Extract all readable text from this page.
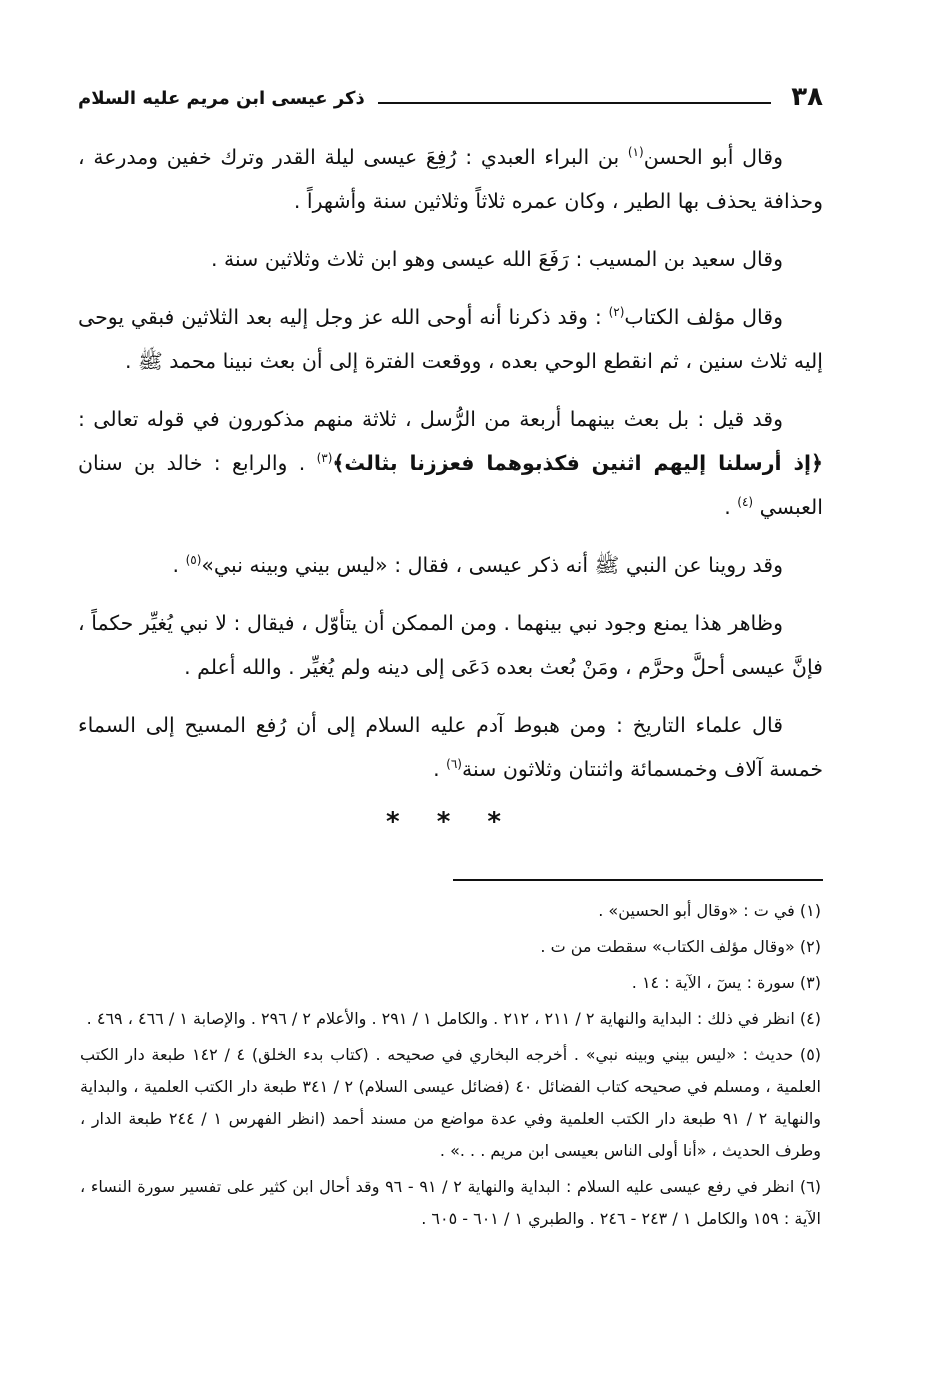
٣٨
ذكر عيسى ابن مريم عليه السلام

وقال أبو الحسن$^{(١)}$ بن البراء العبدي : رُفِعَ عيسى ليلة القدر وترك خفين ومدرعة ، وحذافة يحذف بها الطير ، وكان عمره ثلاثاً وثلاثين سنة وأشهراً .

وقال سعيد بن المسيب : رَفَعَ الله عيسى وهو ابن ثلاث وثلاثين سنة .

وقال مؤلف الكتاب$^{(٢)}$ : وقد ذكرنا أنه أوحى الله عز وجل إليه بعد الثلاثين فبقي يوحى إليه ثلاث سنين ، ثم انقطع الوحي بعده ، ووقعت الفترة إلى أن بعث نبينا محمد ﷺ .

وقد قيل : بل بعث بينهما أربعة من الرُّسل ، ثلاثة منهم مذكورون في قوله تعالى : ﴿إذ أرسلنا إليهم اثنين فكذبوهما فعززنا بثالث﴾$^{(٣)}$ . والرابع : خالد بن سنان العبسي $^{(٤)}$ .

وقد روينا عن النبي ﷺ أنه ذكر عيسى ، فقال : «ليس بيني وبينه نبي»$^{(٥)}$ .

وظاهر هذا يمنع وجود نبي بينهما . ومن الممكن أن يتأوّل ، فيقال : لا نبي يُغيِّر حكماً ، فإنَّ عيسى أحلَّ وحرَّم ، ومَنْ بُعث بعده دَعَى إلى دينه ولم يُغيِّر . والله أعلم .

قال علماء التاريخ : ومن هبوط آدم عليه السلام إلى أن رُفع المسيح إلى السماء خمسة آلاف وخمسمائة واثنتان وثلاثون سنة$^{(٦)}$ .

* * *

(١) في ت : «وقال أبو الحسين» .

(٢) «وقال مؤلف الكتاب» سقطت من ت .

(٣) سورة : يسٓ ، الآية : ١٤ .

(٤) انظر في ذلك : البداية والنهاية ٢ / ٢١١ ، ٢١٢ . والكامل ١ / ٢٩١ . والأعلام ٢ / ٢٩٦ . والإصابة ١ / ٤٦٦ ، ٤٦٩ .

(٥) حديث : «ليس بيني وبينه نبي» . أخرجه البخاري في صحيحه . (كتاب بدء الخلق) ٤ / ١٤٢ طبعة دار الكتب العلمية ، ومسلم في صحيحه كتاب الفضائل ٤٠ (فضائل عيسى السلام) ٢ / ٣٤١ طبعة دار الكتب العلمية ، والبداية والنهاية ٢ / ٩١ طبعة دار الكتب العلمية وفي عدة مواضع من مسند أحمد (انظر الفهرس ١ / ٢٤٤ طبعة الدار ، وطرف الحديث ، «أنا أولى الناس بعيسى ابن مريم . . .» .

(٦) انظر في رفع عيسى عليه السلام : البداية والنهاية ٢ / ٩١ - ٩٦ وقد أحال ابن كثير على تفسير سورة النساء ، الآية : ١٥٩ والكامل ١ / ٢٤٣ - ٢٤٦ . والطبري ١ / ٦٠١ - ٦٠٥ .
